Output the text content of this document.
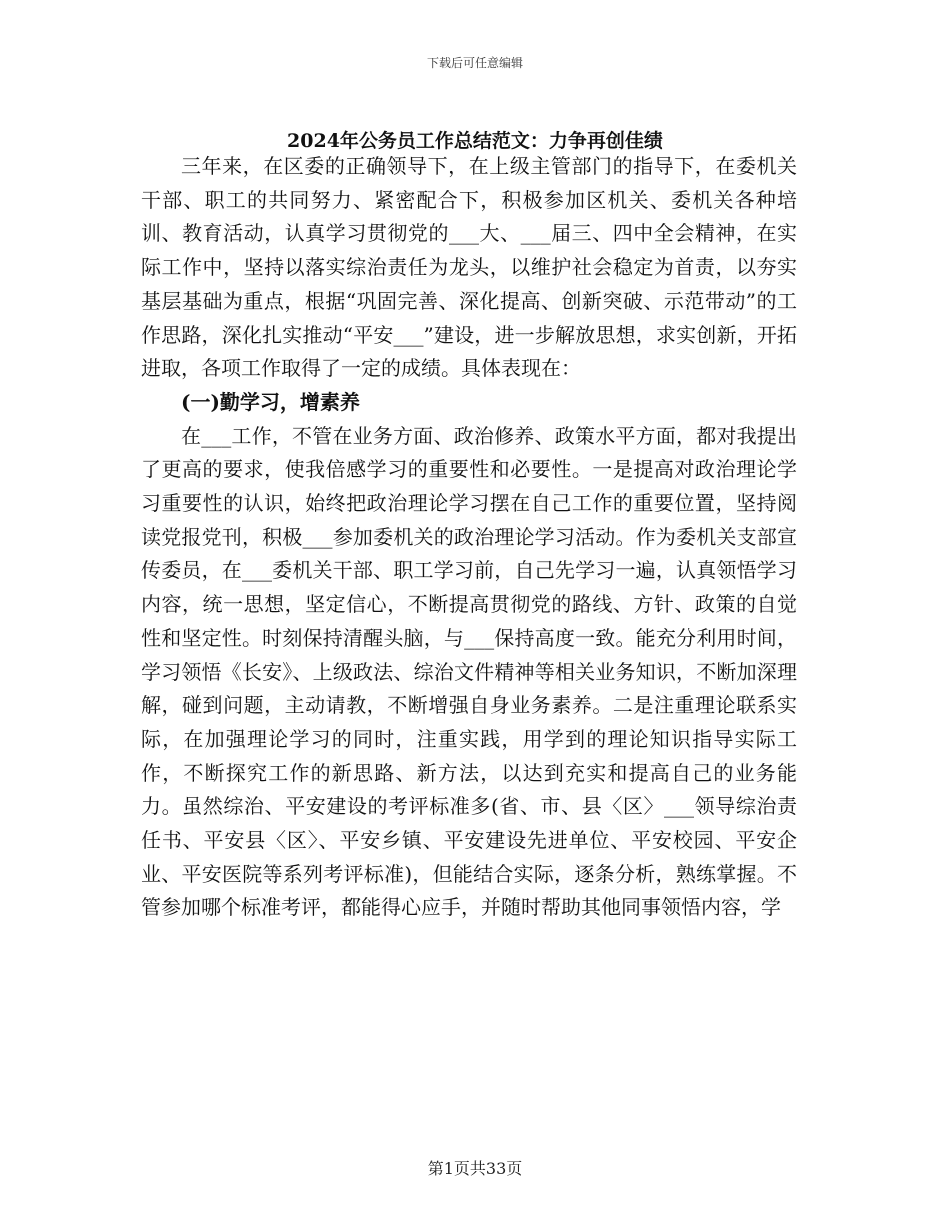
下载后可任意编辑
2024年公务员工作总结范文：力争再创佳绩

三年来，在区委的正确领导下，在上级主管部门的指导下，在委机关干部、职工的共同努力、紧密配合下，积极参加区机关、委机关各种培训、教育活动，认真学习贯彻党的___大、___届三、四中全会精神，在实际工作中，坚持以落实综治责任为龙头，以维护社会稳定为首责，以夯实基层基础为重点，根据“巩固完善、深化提高、创新突破、示范带动”的工作思路，深化扎实推动“平安___”建设，进一步解放思想，求实创新，开拓进取，各项工作取得了一定的成绩。具体表现在：

(一)勤学习，增素养

在___工作，不管在业务方面、政治修养、政策水平方面，都对我提出了更高的要求，使我倍感学习的重要性和必要性。一是提高对政治理论学习重要性的认识，始终把政治理论学习摆在自己工作的重要位置，坚持阅读党报党刊，积极___参加委机关的政治理论学习活动。作为委机关支部宣传委员，在___委机关干部、职工学习前，自己先学习一遍，认真领悟学习内容，统一思想，坚定信心，不断提高贯彻党的路线、方针、政策的自觉性和坚定性。时刻保持清醒头脑，与___保持高度一致。能充分利用时间，学习领悟《长安》、上级政法、综治文件精神等相关业务知识，不断加深理解，碰到问题，主动请教，不断增强自身业务素养。二是注重理论联系实际，在加强理论学习的同时，注重实践，用学到的理论知识指导实际工作，不断探究工作的新思路、新方法，以达到充实和提高自己的业务能力。虽然综治、平安建设的考评标准多(省、市、县〈区〉___领导综治责任书、平安县〈区〉、平安乡镇、平安建设先进单位、平安校园、平安企业、平安医院等系列考评标准)，但能结合实际，逐条分析，熟练掌握。不管参加哪个标准考评，都能得心应手，并随时帮助其他同事领悟内容，学

第1页共33页
